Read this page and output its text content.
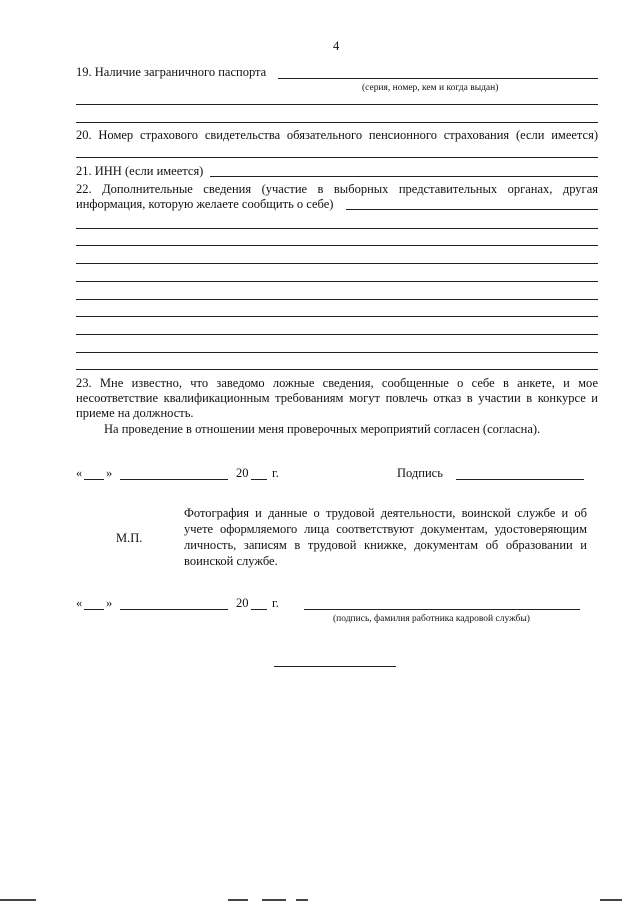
4
19. Наличие заграничного паспорта
(серия, номер, кем и когда выдан)
20. Номер страхового свидетельства обязательного пенсионного страхования (если имеется)
21. ИНН (если имеется)
22. Дополнительные сведения (участие в выборных представительных органах, другая
информация, которую желаете сообщить о себе)
23. Мне известно, что заведомо ложные сведения, сообщенные о себе в анкете, и мое
несоответствие квалификационным требованиям могут повлечь отказ в участии в конкурсе и
приеме на должность.
На проведение в отношении меня проверочных мероприятий согласен (согласна).
« »	20 г.	Подпись
М.П.
Фотография и данные о трудовой деятельности, воинской службе и об
учете оформляемого лица соответствуют документам, удостоверяющим
личность, записям в трудовой книжке, документам об образовании и
воинской службе.
« »	20 г.
(подпись, фамилия работника кадровой службы)
